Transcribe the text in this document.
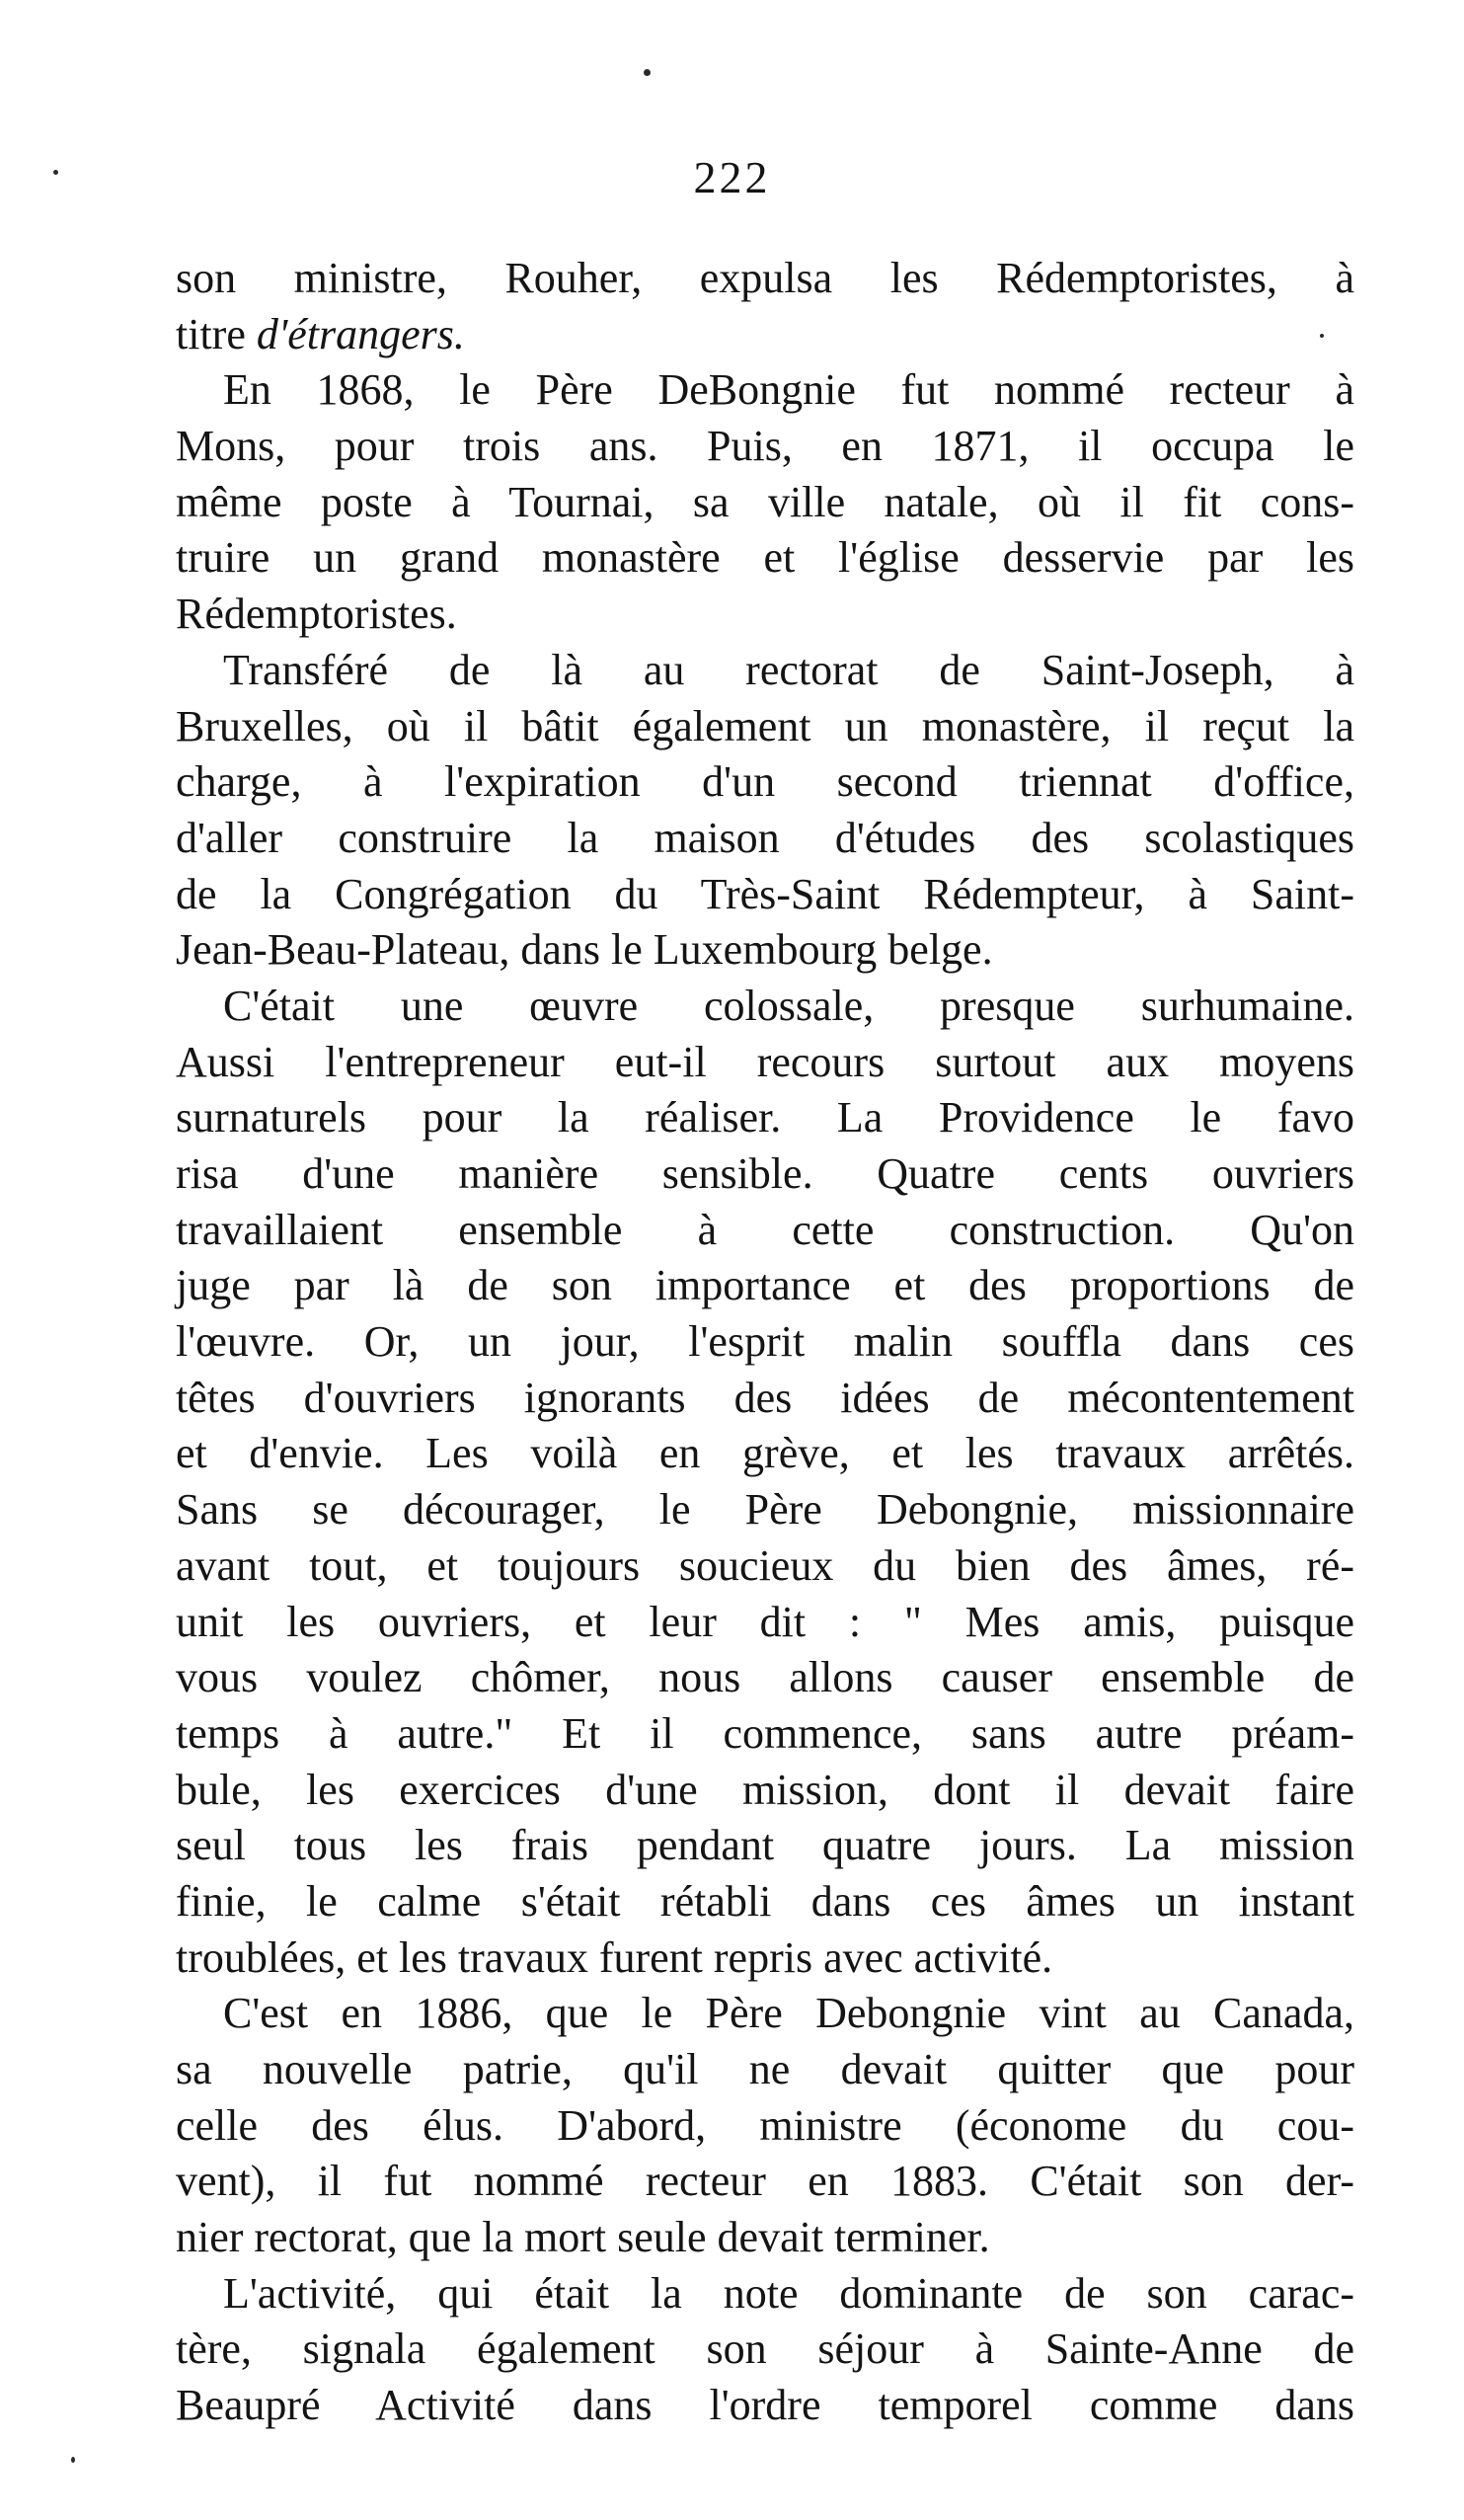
222
son ministre, Rouher, expulsa les Rédemptoristes, à
titre d'étrangers.
En 1868, le Père DeBongnie fut nommé recteur à
Mons, pour trois ans. Puis, en 1871, il occupa le
même poste à Tournai, sa ville natale, où il fit cons-
truire un grand monastère et l'église desservie par les
Rédemptoristes.
Transféré de là au rectorat de Saint-Joseph, à
Bruxelles, où il bâtit également un monastère, il reçut la
charge, à l'expiration d'un second triennat d'office,
d'aller construire la maison d'études des scolastiques
de la Congrégation du Très-Saint Rédempteur, à Saint-
Jean-Beau-Plateau, dans le Luxembourg belge.
C'était une œuvre colossale, presque surhumaine.
Aussi l'entrepreneur eut-il recours surtout aux moyens
surnaturels pour la réaliser. La Providence le favo
risa d'une manière sensible. Quatre cents ouvriers
travaillaient ensemble à cette construction. Qu'on
juge par là de son importance et des proportions de
l'œuvre. Or, un jour, l'esprit malin souffla dans ces
têtes d'ouvriers ignorants des idées de mécontentement
et d'envie. Les voilà en grève, et les travaux arrêtés.
Sans se décourager, le Père Debongnie, missionnaire
avant tout, et toujours soucieux du bien des âmes, ré-
unit les ouvriers, et leur dit : " Mes amis, puisque
vous voulez chômer, nous allons causer ensemble de
temps à autre." Et il commence, sans autre préam-
bule, les exercices d'une mission, dont il devait faire
seul tous les frais pendant quatre jours. La mission
finie, le calme s'était rétabli dans ces âmes un instant
troublées, et les travaux furent repris avec activité.
C'est en 1886, que le Père Debongnie vint au Canada,
sa nouvelle patrie, qu'il ne devait quitter que pour
celle des élus. D'abord, ministre (économe du cou-
vent), il fut nommé recteur en 1883. C'était son der-
nier rectorat, que la mort seule devait terminer.
L'activité, qui était la note dominante de son carac-
tère, signala également son séjour à Sainte-Anne de
Beaupré Activité dans l'ordre temporel comme dans
